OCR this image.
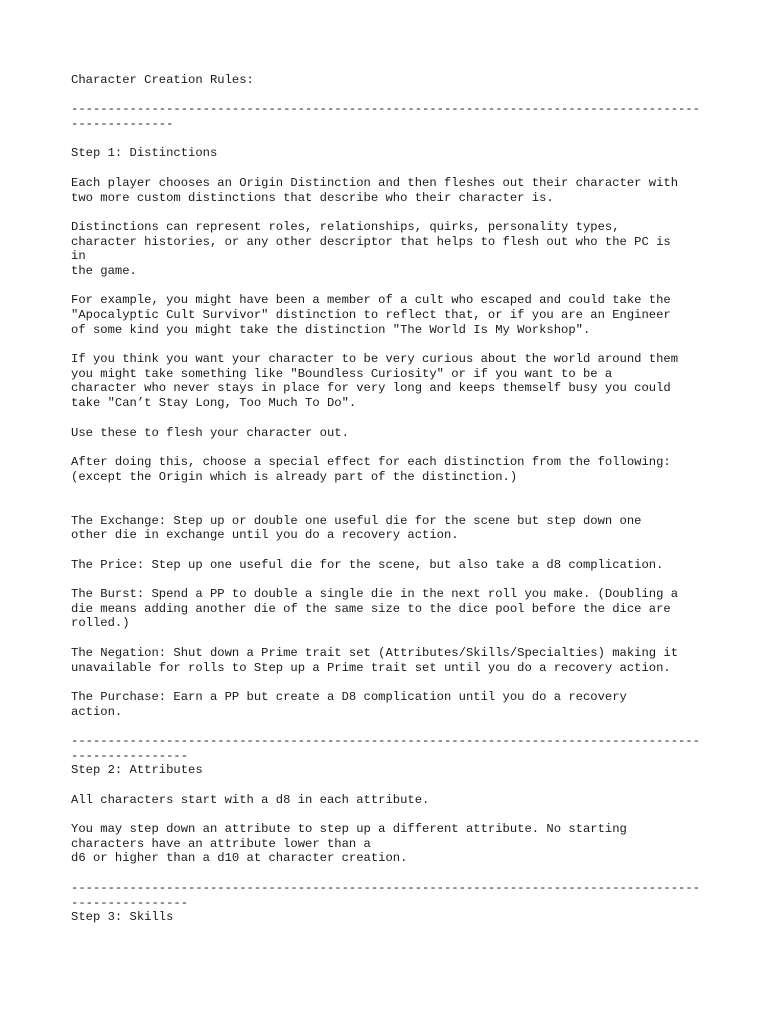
Character Creation Rules:
--------------------------------------------------------------------------------------
--------------
Step 1: Distinctions
Each player chooses an Origin Distinction and then fleshes out their character with
two more custom distinctions that describe who their character is.
Distinctions can represent roles, relationships, quirks, personality types,
character histories, or any other descriptor that helps to flesh out who the PC is
in
the game.
For example, you might have been a member of a cult who escaped and could take the
"Apocalyptic Cult Survivor" distinction to reflect that, or if you are an Engineer
of some kind you might take the distinction "The World Is My Workshop".
If you think you want your character to be very curious about the world around them
you might take something like "Boundless Curiosity" or if you want to be a
character who never stays in place for very long and keeps themself busy you could
take "Can’t Stay Long, Too Much To Do".
Use these to flesh your character out.
After doing this, choose a special effect for each distinction from the following:
(except the Origin which is already part of the distinction.)
The Exchange: Step up or double one useful die for the scene but step down one
other die in exchange until you do a recovery action.
The Price: Step up one useful die for the scene, but also take a d8 complication.
The Burst: Spend a PP to double a single die in the next roll you make. (Doubling a
die means adding another die of the same size to the dice pool before the dice are
rolled.)
The Negation: Shut down a Prime trait set (Attributes/Skills/Specialties) making it
unavailable for rolls to Step up a Prime trait set until you do a recovery action.
The Purchase: Earn a PP but create a D8 complication until you do a recovery
action.
--------------------------------------------------------------------------------------
----------------
Step 2: Attributes
All characters start with a d8 in each attribute.
You may step down an attribute to step up a different attribute. No starting
characters have an attribute lower than a
d6 or higher than a d10 at character creation.
--------------------------------------------------------------------------------------
----------------
Step 3: Skills
